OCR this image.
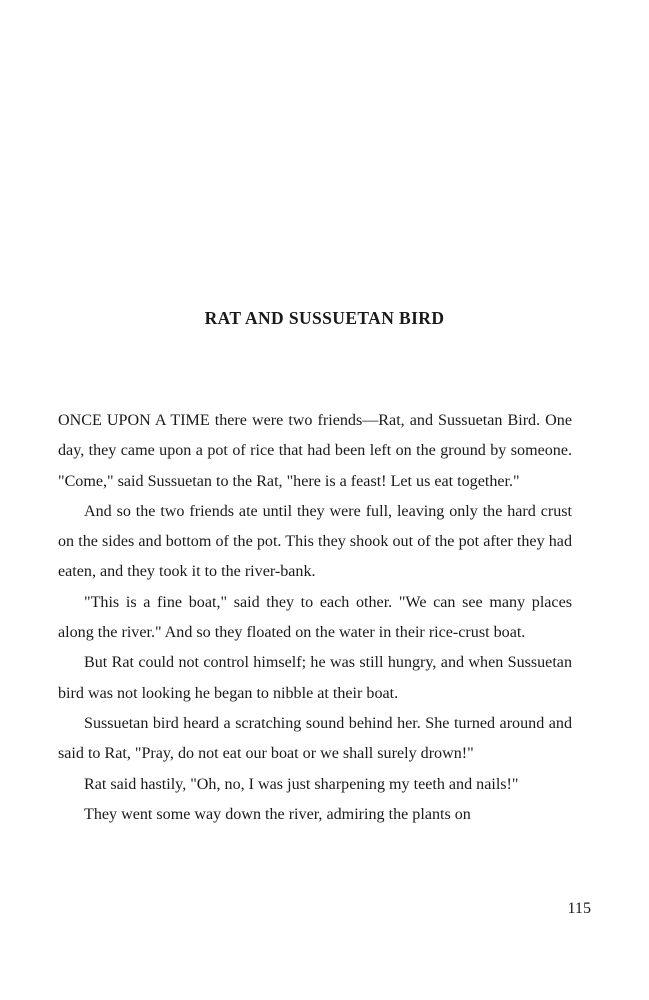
RAT AND SUSSUETAN BIRD

ONCE UPON A TIME there were two friends—Rat, and Sussuetan Bird. One day, they came upon a pot of rice that had been left on the ground by someone. "Come," said Sussuetan to the Rat, "here is a feast! Let us eat together."

And so the two friends ate until they were full, leaving only the hard crust on the sides and bottom of the pot. This they shook out of the pot after they had eaten, and they took it to the river-bank.

"This is a fine boat," said they to each other. "We can see many places along the river." And so they floated on the water in their rice-crust boat.

But Rat could not control himself; he was still hungry, and when Sussuetan bird was not looking he began to nibble at their boat.

Sussuetan bird heard a scratching sound behind her. She turned around and said to Rat, "Pray, do not eat our boat or we shall surely drown!"

Rat said hastily, "Oh, no, I was just sharpening my teeth and nails!"

They went some way down the river, admiring the plants on

115
